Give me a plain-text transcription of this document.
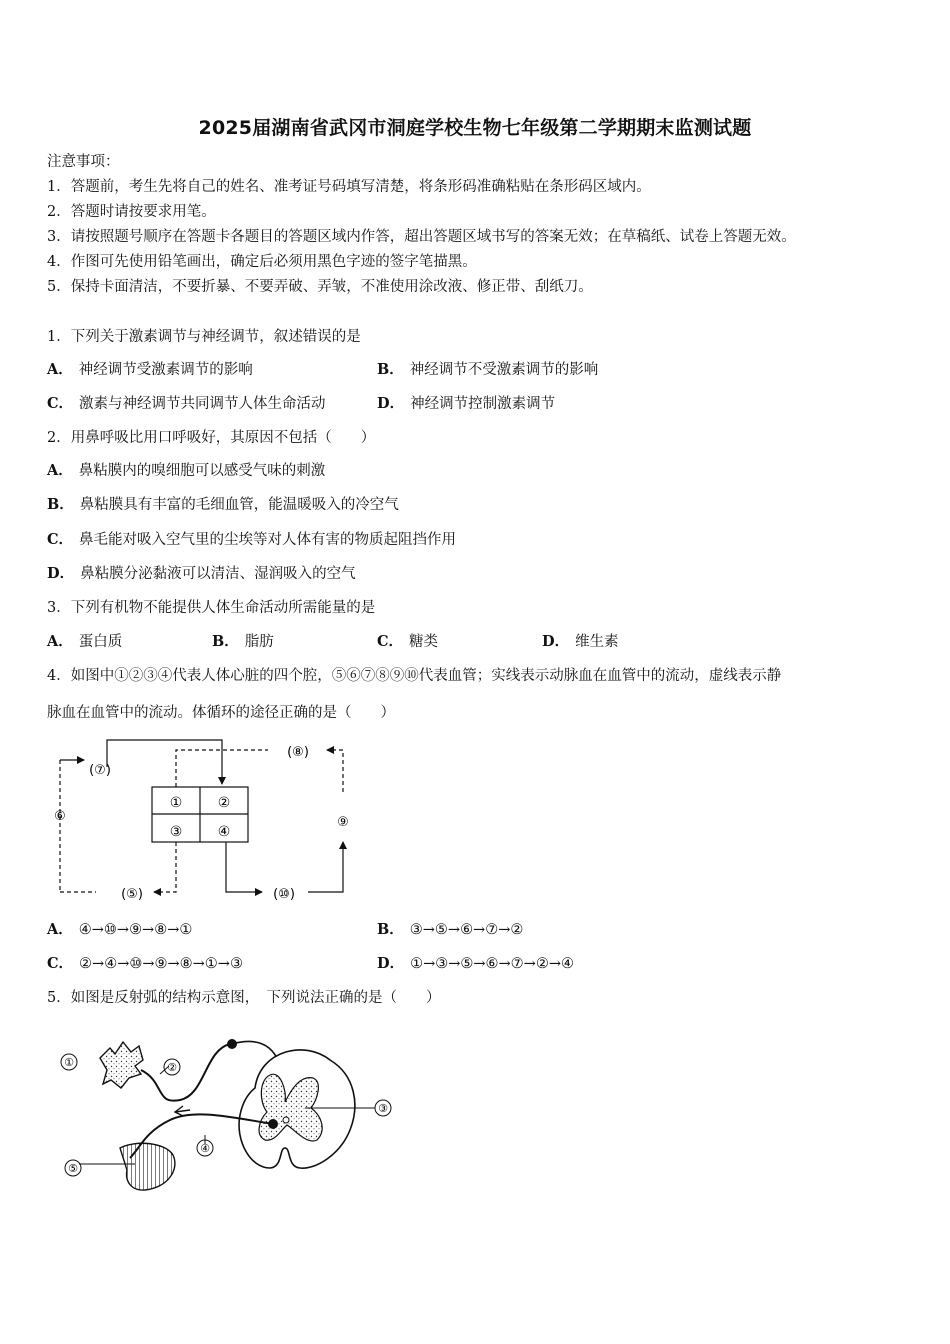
2025届湖南省武冈市洞庭学校生物七年级第二学期期末监测试题
注意事项：
1．答题前，考生先将自己的姓名、准考证号码填写清楚，将条形码准确粘贴在条形码区域内。
2．答题时请按要求用笔。
3．请按照题号顺序在答题卡各题目的答题区域内作答，超出答题区域书写的答案无效；在草稿纸、试卷上答题无效。
4．作图可先使用铅笔画出，确定后必须用黑色字迹的签字笔描黑。
5．保持卡面清洁，不要折暴、不要弄破、弄皱，不准使用涂改液、修正带、刮纸刀。
1．下列关于激素调节与神经调节，叙述错误的是
A． 神经调节受激素调节的影响	B． 神经调节不受激素调节的影响
C． 激素与神经调节共同调节人体生命活动	D． 神经调节控制激素调节
2．用鼻呼吸比用口呼吸好，其原因不包括（　　）
A． 鼻粘膜内的嗅细胞可以感受气味的刺激
B． 鼻粘膜具有丰富的毛细血管，能温暖吸入的冷空气
C． 鼻毛能对吸入空气里的尘埃等对人体有害的物质起阻挡作用
D． 鼻粘膜分泌黏液可以清洁、湿润吸入的空气
3．下列有机物不能提供人体生命活动所需能量的是
A． 蛋白质	B． 脂肪	C． 糖类	D． 维生素
4．如图中①②③④代表人体心脏的四个腔，⑤⑥⑦⑧⑨⑩代表血管；实线表示动脉血在血管中的流动，虚线表示静
脉血在血管中的流动。体循环的途径正确的是（　　）
①	②
③	④
(⑦)
(⑧)
⑥	⑨
(⑤)	(⑩)
A． ④→⑩→⑨→⑧→①	B． ③→⑤→⑥→⑦→②
C． ②→④→⑩→⑨→⑧→①→③	D． ①→③→⑤→⑥→⑦→②→④
5．如图是反射弧的结构示意图，　下列说法正确的是（　　）
①	②
③
④
⑤
